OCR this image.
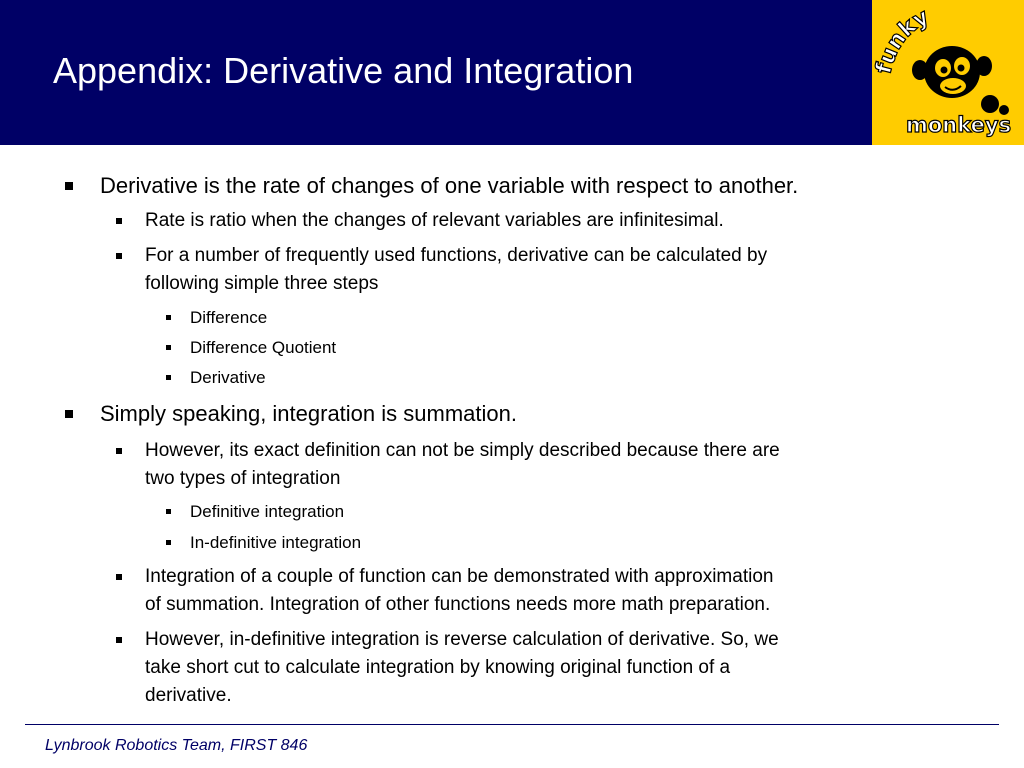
Appendix: Derivative and Integration	funky
monkeys
Derivative is the rate of changes of one variable with respect to another.
Rate is ratio when the changes of relevant variables are infinitesimal.
For a number of frequently used functions, derivative can be calculated by
following simple three steps
Difference
Difference Quotient
Derivative
Simply speaking, integration is summation.
However, its exact definition can not be simply described because there are
two types of integration
Definitive integration
In-definitive integration
Integration of a couple of function can be demonstrated with approximation
of summation. Integration of other functions needs more math preparation.
However, in-definitive integration is reverse calculation of derivative. So, we
take short cut to calculate integration by knowing original function of a
derivative.
Lynbrook Robotics Team, FIRST 846
